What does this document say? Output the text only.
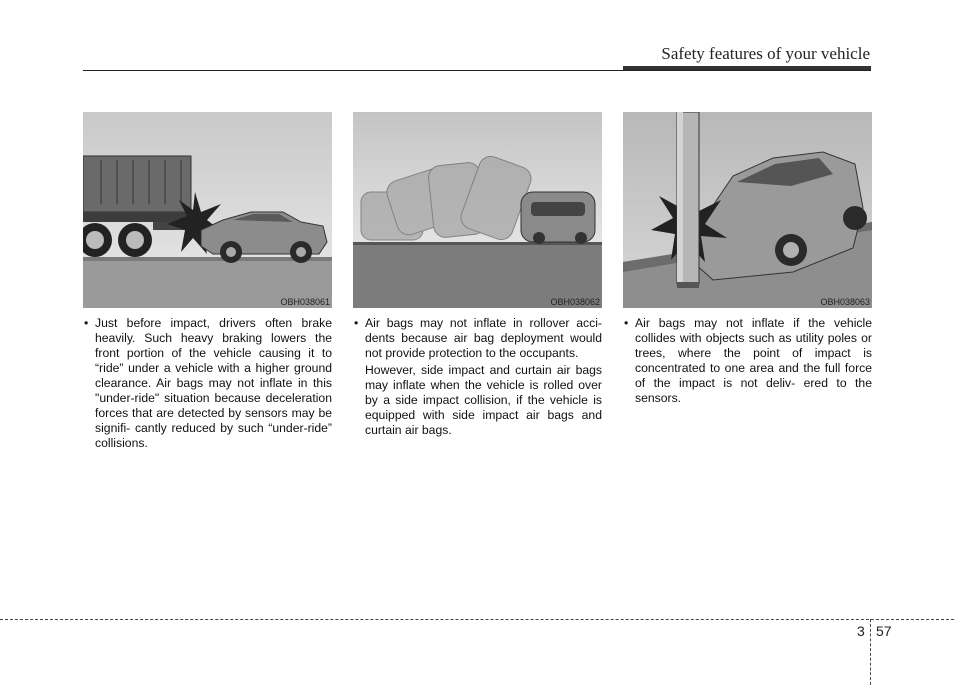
Safety features of your vehicle
OBH038061
• Just before impact, drivers often brake heavily. Such heavy braking lowers the front portion of the vehicle causing it to “ride” under a vehicle with a higher ground clearance. Air bags may not inflate in this "under-ride" situation because deceleration forces that are detected by sensors may be signifi- cantly reduced by such “under-ride” collisions.

OBH038062
• Air bags may not inflate in rollover acci- dents because air bag deployment would not provide protection to the occupants.

However, side impact and curtain air bags may inflate when the vehicle is rolled over by a side impact collision, if the vehicle is equipped with side impact air bags and curtain air bags.

OBH038063
• Air bags may not inflate if the vehicle collides with objects such as utility poles or trees, where the point of impact is concentrated to one area and the full force of the impact is not deliv- ered to the sensors.

3 57
